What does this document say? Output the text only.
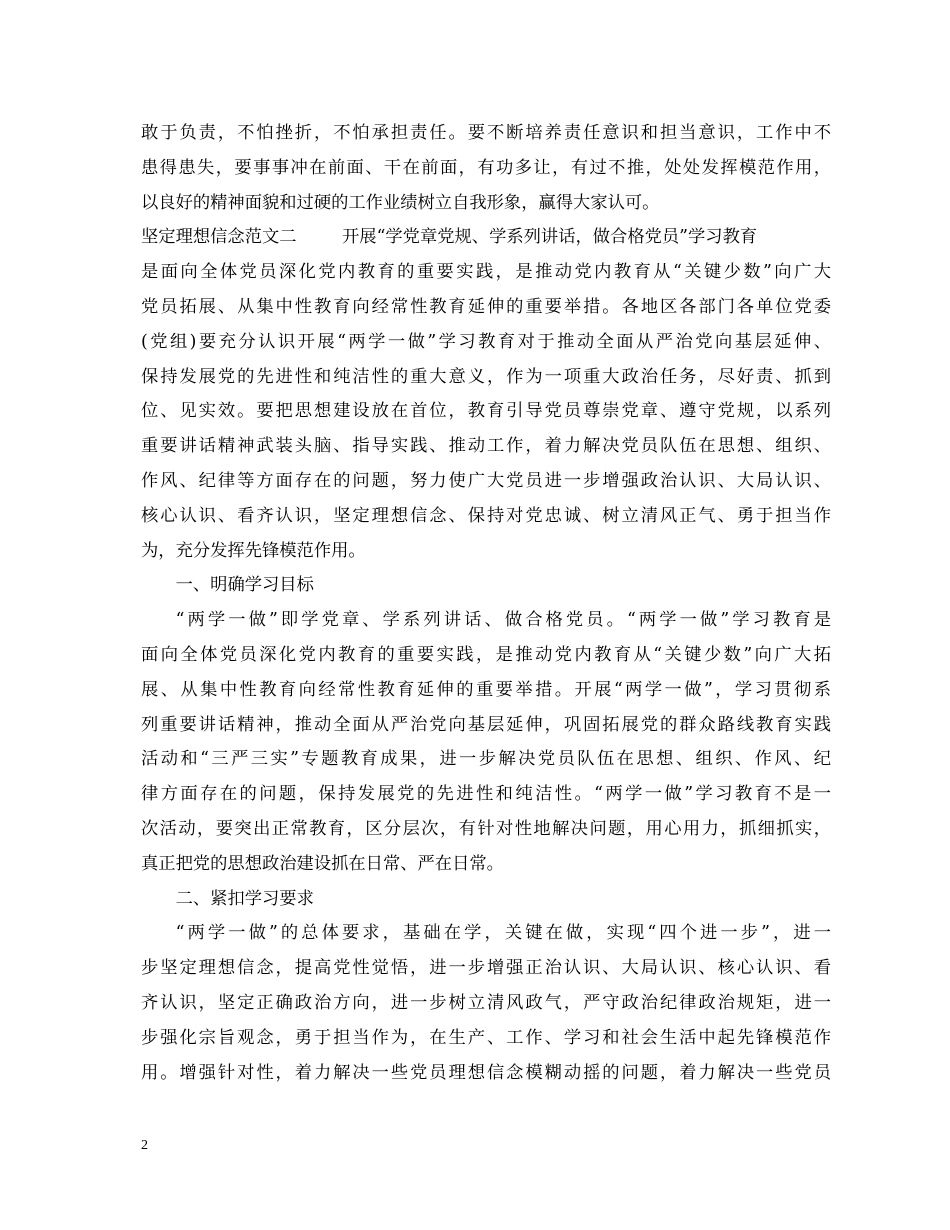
敢于负责，不怕挫折，不怕承担责任。要不断培养责任意识和担当意识，工作中不
患得患失，要事事冲在前面、干在前面，有功多让，有过不推，处处发挥模范作用，
以良好的精神面貌和过硬的工作业绩树立自我形象，赢得大家认可。
坚定理想信念范文二	开展“学党章党规、学系列讲话，做合格党员”学习教育
是面向全体党员深化党内教育的重要实践，是推动党内教育从“关键少数”向广大
党员拓展、从集中性教育向经常性教育延伸的重要举措。各地区各部门各单位党委
(党组)要充分认识开展“两学一做”学习教育对于推动全面从严治党向基层延伸、
保持发展党的先进性和纯洁性的重大意义，作为一项重大政治任务，尽好责、抓到
位、见实效。要把思想建设放在首位，教育引导党员尊崇党章、遵守党规，以系列
重要讲话精神武装头脑、指导实践、推动工作，着力解决党员队伍在思想、组织、
作风、纪律等方面存在的问题，努力使广大党员进一步增强政治认识、大局认识、
核心认识、看齐认识，坚定理想信念、保持对党忠诚、树立清风正气、勇于担当作
为，充分发挥先锋模范作用。
一、明确学习目标
“两学一做”即学党章、学系列讲话、做合格党员。“两学一做”学习教育是
面向全体党员深化党内教育的重要实践，是推动党内教育从“关键少数”向广大拓
展、从集中性教育向经常性教育延伸的重要举措。开展“两学一做”，学习贯彻系
列重要讲话精神，推动全面从严治党向基层延伸，巩固拓展党的群众路线教育实践
活动和“三严三实”专题教育成果，进一步解决党员队伍在思想、组织、作风、纪
律方面存在的问题，保持发展党的先进性和纯洁性。“两学一做”学习教育不是一
次活动，要突出正常教育，区分层次，有针对性地解决问题，用心用力，抓细抓实，
真正把党的思想政治建设抓在日常、严在日常。
二、紧扣学习要求
“两学一做”的总体要求，基础在学，关键在做，实现“四个进一步”，进一
步坚定理想信念，提高党性觉悟，进一步增强正治认识、大局认识、核心认识、看
齐认识，坚定正确政治方向，进一步树立清风政气，严守政治纪律政治规矩，进一
步强化宗旨观念，勇于担当作为，在生产、工作、学习和社会生活中起先锋模范作
用。增强针对性，着力解决一些党员理想信念模糊动摇的问题，着力解决一些党员
2
